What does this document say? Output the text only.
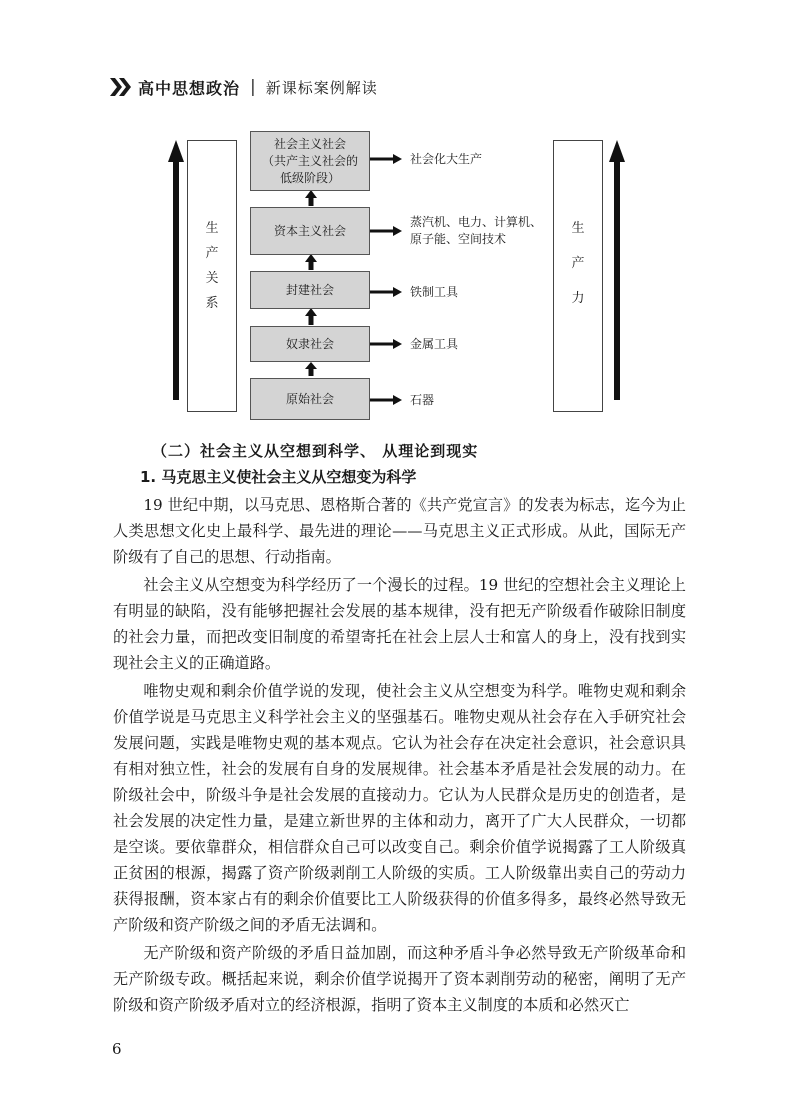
高中思想政治 | 新课标案例解读
生
产
关
系
生
产
力
社会主义社会
（共产主义社会的
低级阶段）
资本主义社会
封建社会
奴隶社会
原始社会
社会化大生产
蒸汽机、电力、计算机、
原子能、空间技术
铁制工具
金属工具
石器
（二）社会主义从空想到科学、 从理论到现实
1. 马克思主义使社会主义从空想变为科学

19 世纪中期，以马克思、恩格斯合著的《共产党宣言》的发表为标志，迄今为止人类思想文化史上最科学、最先进的理论——马克思主义正式形成。从此，国际无产阶级有了自己的思想、行动指南。

社会主义从空想变为科学经历了一个漫长的过程。19 世纪的空想社会主义理论上有明显的缺陷，没有能够把握社会发展的基本规律，没有把无产阶级看作破除旧制度的社会力量，而把改变旧制度的希望寄托在社会上层人士和富人的身上，没有找到实现社会主义的正确道路。

唯物史观和剩余价值学说的发现，使社会主义从空想变为科学。唯物史观和剩余价值学说是马克思主义科学社会主义的坚强基石。唯物史观从社会存在入手研究社会发展问题，实践是唯物史观的基本观点。它认为社会存在决定社会意识，社会意识具有相对独立性，社会的发展有自身的发展规律。社会基本矛盾是社会发展的动力。在阶级社会中，阶级斗争是社会发展的直接动力。它认为人民群众是历史的创造者，是社会发展的决定性力量，是建立新世界的主体和动力，离开了广大人民群众，一切都是空谈。要依靠群众，相信群众自己可以改变自己。剩余价值学说揭露了工人阶级真正贫困的根源，揭露了资产阶级剥削工人阶级的实质。工人阶级靠出卖自己的劳动力获得报酬，资本家占有的剩余价值要比工人阶级获得的价值多得多，最终必然导致无产阶级和资产阶级之间的矛盾无法调和。

无产阶级和资产阶级的矛盾日益加剧，而这种矛盾斗争必然导致无产阶级革命和无产阶级专政。概括起来说，剩余价值学说揭开了资本剥削劳动的秘密，阐明了无产阶级和资产阶级矛盾对立的经济根源，指明了资本主义制度的本质和必然灭亡

6
